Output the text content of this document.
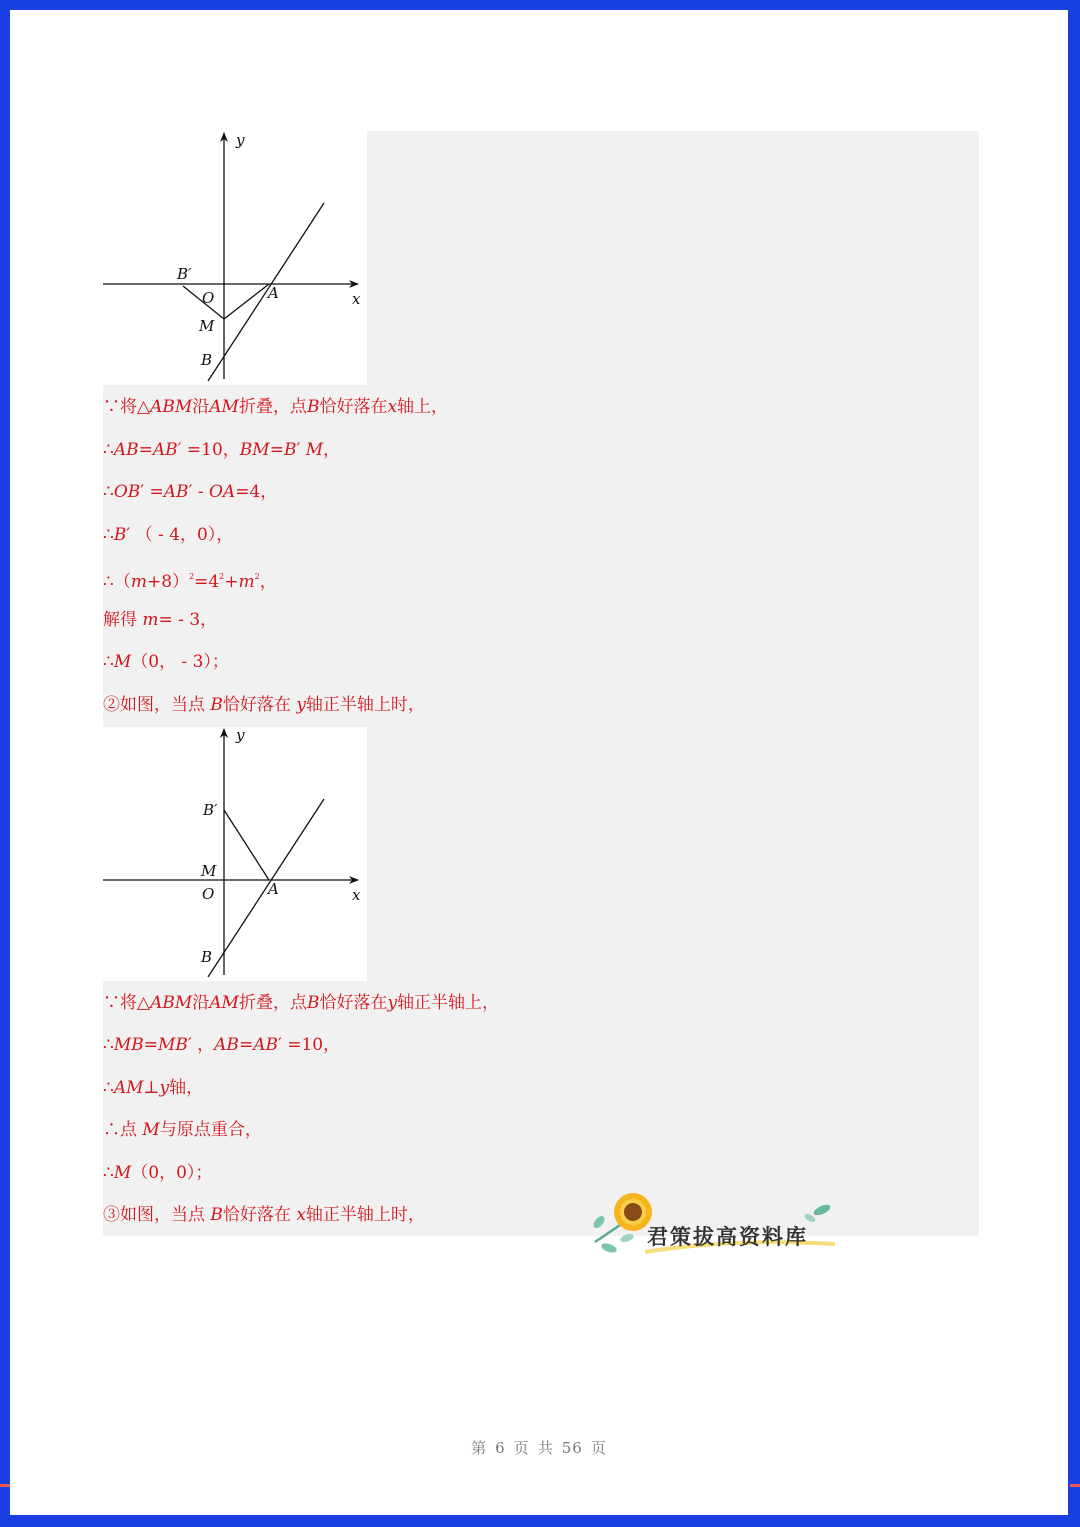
y
x
B′
O	A
M
B
∵将△ABM沿AM折叠，点B恰好落在x轴上，
∴AB=AB′ =10，BM=B′ M，
∴OB′ =AB′ - OA=4，
∴B′ （ - 4，0），
$\therefore(m+8)^2=4^2+m^2$，
解得 m= - 3，
∴M（0， - 3）；
②如图，当点 B恰好落在 y轴正半轴上时，
y
x
B′
M
O	A
B
∵将△ABM沿AM折叠，点B恰好落在y轴正半轴上，
∴MB=MB′ ，AB=AB′ =10，
∴AM⊥y轴，
∴点 M与原点重合，
∴M（0，0）；
③如图，当点 B恰好落在 x轴正半轴上时，
君策拔高资料库
第 6 页 共 56 页
